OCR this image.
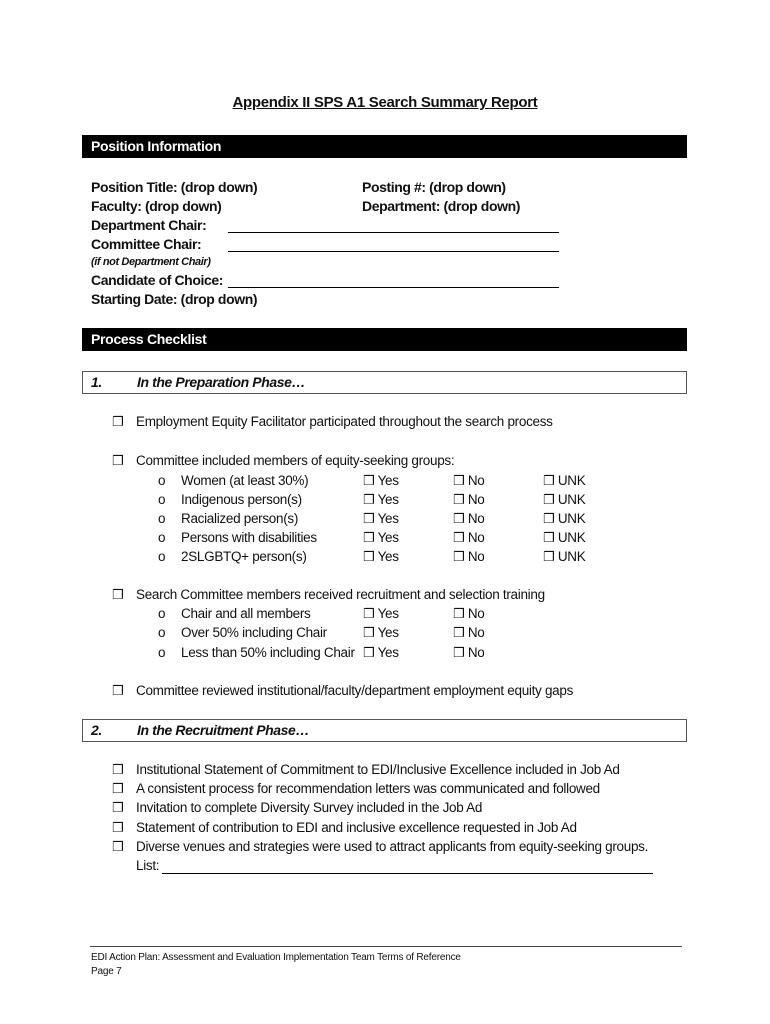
Appendix II SPS A1 Search Summary Report
Position Information
Position Title: (drop down)	Posting #: (drop down)
Faculty: (drop down)	Department: (drop down)
Department Chair:
Committee Chair:
(if not Department Chair)
Candidate of Choice:
Starting Date: (drop down)
Process Checklist
1.	In the Preparation Phase…
❒ Employment Equity Facilitator participated throughout the search process
❒ Committee included members of equity-seeking groups:
o Women (at least 30%)	❒ Yes	❒ No	❒ UNK
o Indigenous person(s)	❒ Yes	❒ No	❒ UNK
o Racialized person(s)	❒ Yes	❒ No	❒ UNK
o Persons with disabilities	❒ Yes	❒ No	❒ UNK
o 2SLGBTQ+ person(s)	❒ Yes	❒ No	❒ UNK
❒ Search Committee members received recruitment and selection training
o Chair and all members	❒ Yes	❒ No
o Over 50% including Chair	❒ Yes	❒ No
o Less than 50% including Chair ❒ Yes	❒ No
❒ Committee reviewed institutional/faculty/department employment equity gaps
2.	In the Recruitment Phase…
❒ Institutional Statement of Commitment to EDI/Inclusive Excellence included in Job Ad
❒ A consistent process for recommendation letters was communicated and followed
❒ Invitation to complete Diversity Survey included in the Job Ad
❒ Statement of contribution to EDI and inclusive excellence requested in Job Ad
❒ Diverse venues and strategies were used to attract applicants from equity-seeking groups.
List:
EDI Action Plan: Assessment and Evaluation Implementation Team Terms of Reference
Page 7
